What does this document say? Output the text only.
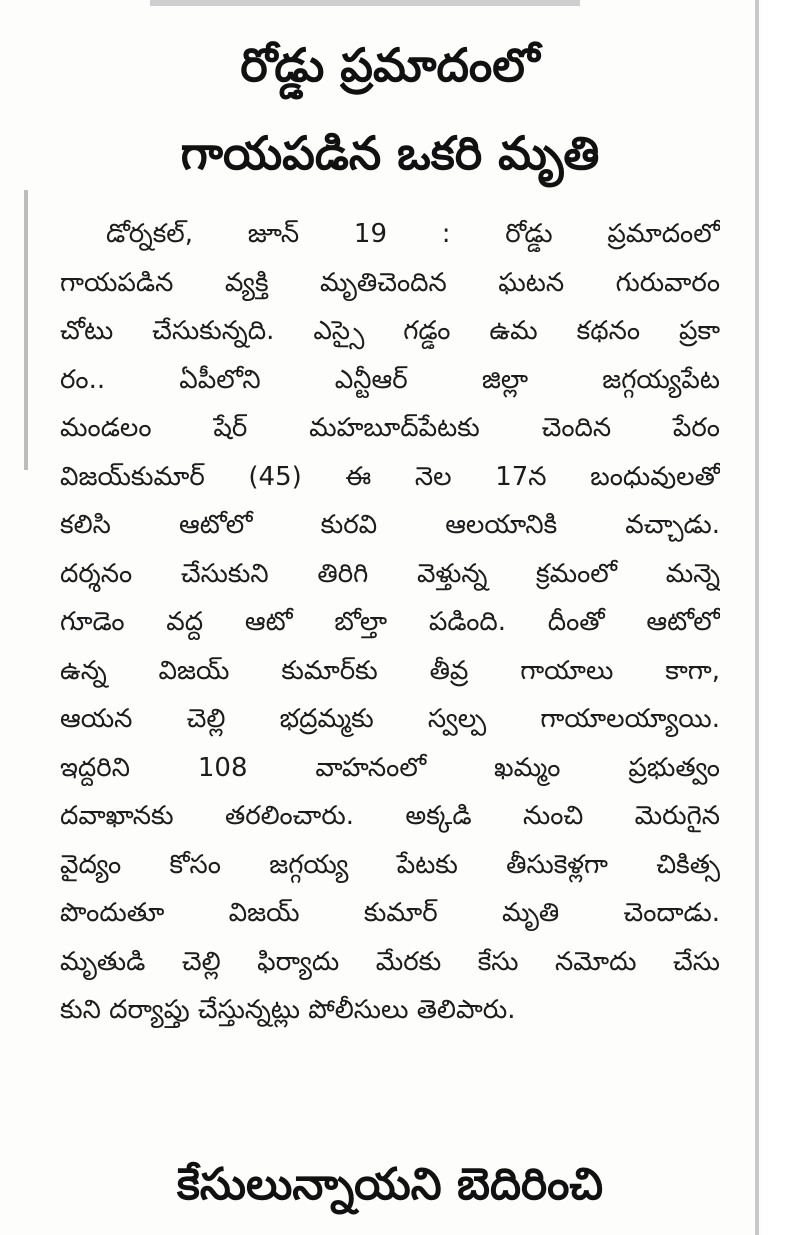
రోడ్డు ప్రమాదంలో
గాయపడిన ఒకరి మృతి
డోర్నకల్, జూన్ 19 : రోడ్డు ప్రమాదంలో
గాయపడిన వ్యక్తి మృతిచెందిన ఘటన గురువారం
చోటు చేసుకున్నది. ఎస్సై గడ్డం ఉమ కథనం ప్రకా
రం.. ఏపీలోని ఎన్టీఆర్ జిల్లా జగ్గయ్యపేట
మండలం షేర్ మహబూద్‌పేటకు చెందిన పేరం
విజయ్‌కుమార్ (45) ఈ నెల 17న బంధువులతో
కలిసి ఆటోలో కురవి ఆలయానికి వచ్చాడు.
దర్శనం చేసుకుని తిరిగి వెళ్తున్న క్రమంలో మన్నె
గూడెం వద్ద ఆటో బోల్తా పడింది. దీంతో ఆటోలో
ఉన్న విజయ్ కుమార్‌కు తీవ్ర గాయాలు కాగా,
ఆయన చెల్లి భద్రమ్మకు స్వల్ప గాయాలయ్యాయి.
ఇద్దరిని 108 వాహనంలో ఖమ్మం ప్రభుత్వం
దవాఖానకు తరలించారు. అక్కడి నుంచి మెరుగైన
వైద్యం కోసం జగ్గయ్య పేటకు తీసుకెళ్లగా చికిత్స
పొందుతూ విజయ్ కుమార్ మృతి చెందాడు.
మృతుడి చెల్లి ఫిర్యాదు మేరకు కేసు నమోదు చేసు
కుని దర్యాప్తు చేస్తున్నట్లు పోలీసులు తెలిపారు.
కేసులున్నాయని బెదిరించి
